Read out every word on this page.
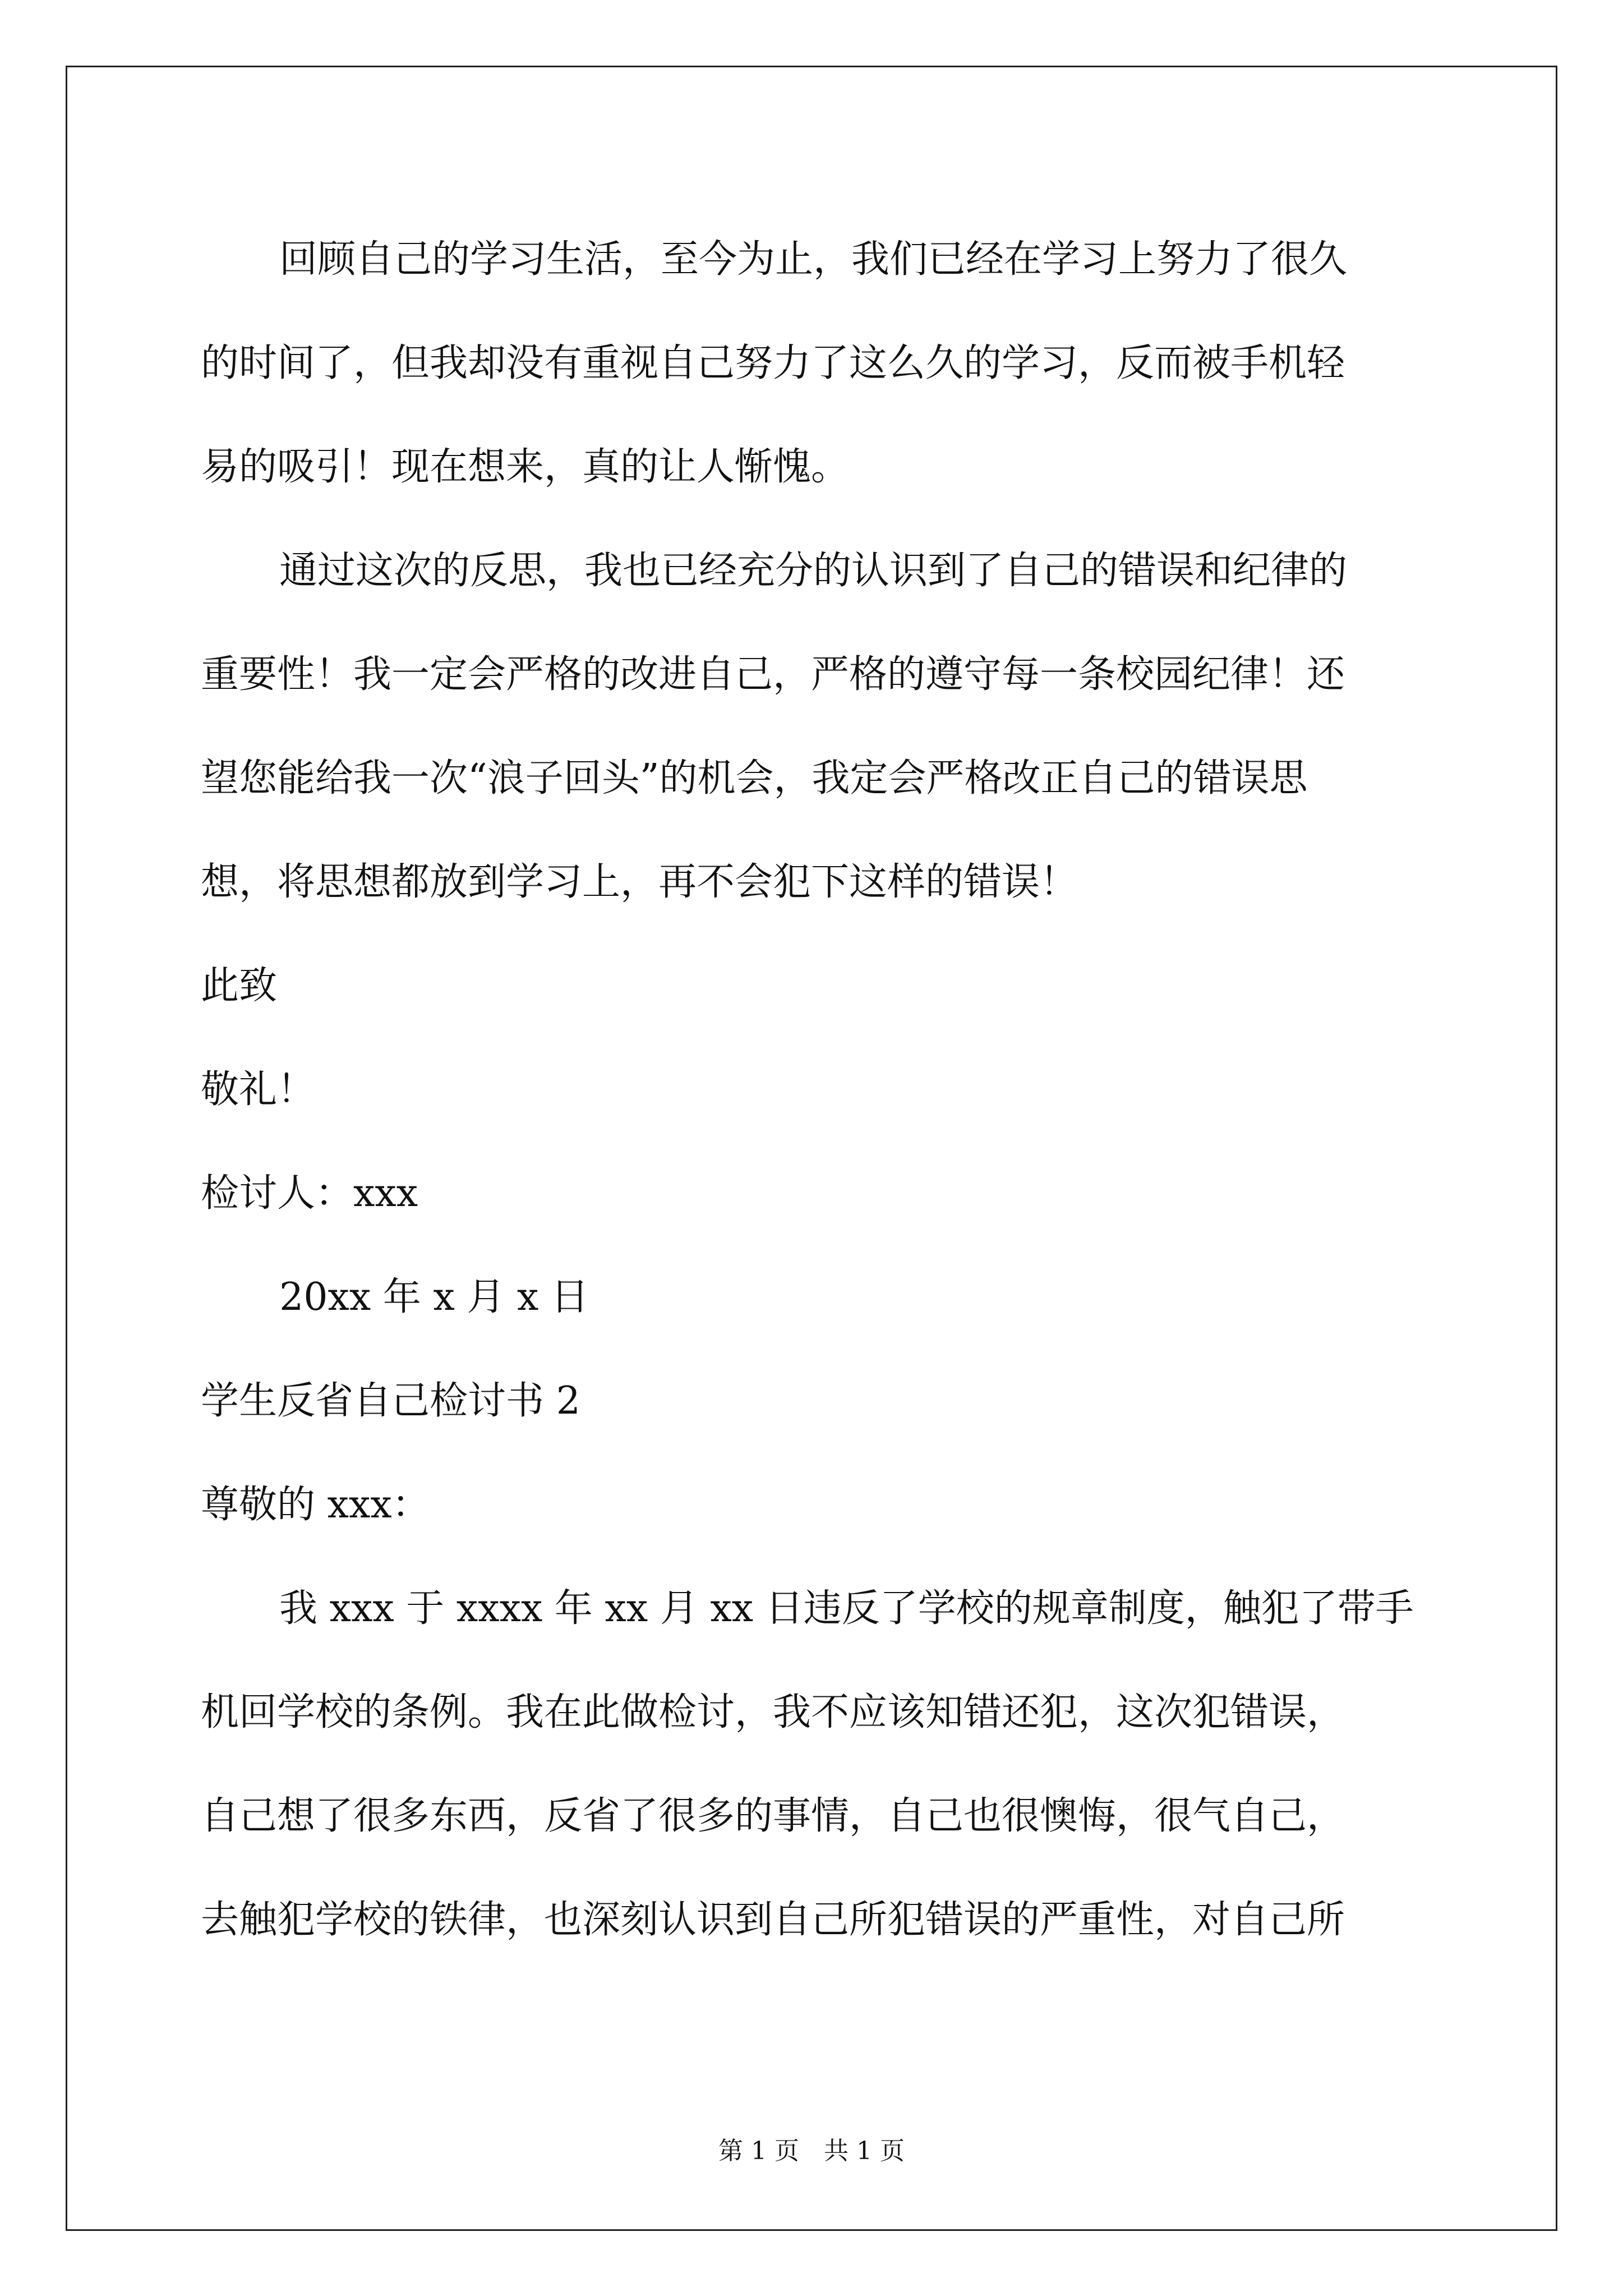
回顾自己的学习生活，至今为止，我们已经在学习上努力了很久
的时间了，但我却没有重视自己努力了这么久的学习，反而被手机轻
易的吸引！现在想来，真的让人惭愧。
通过这次的反思，我也已经充分的认识到了自己的错误和纪律的
重要性！我一定会严格的改进自己，严格的遵守每一条校园纪律！还
望您能给我一次“浪子回头”的机会，我定会严格改正自己的错误思
想，将思想都放到学习上，再不会犯下这样的错误！
此致
敬礼！
检讨人：xxx
20xx 年 x 月 x 日
学生反省自己检讨书 2
尊敬的 xxx：
我 xxx 于 xxxx 年 xx 月 xx 日违反了学校的规章制度，触犯了带手
机回学校的条例。我在此做检讨，我不应该知错还犯，这次犯错误，
自己想了很多东西，反省了很多的事情，自己也很懊悔，很气自己，
去触犯学校的铁律，也深刻认识到自己所犯错误的严重性，对自己所
第 1 页　共 1 页
